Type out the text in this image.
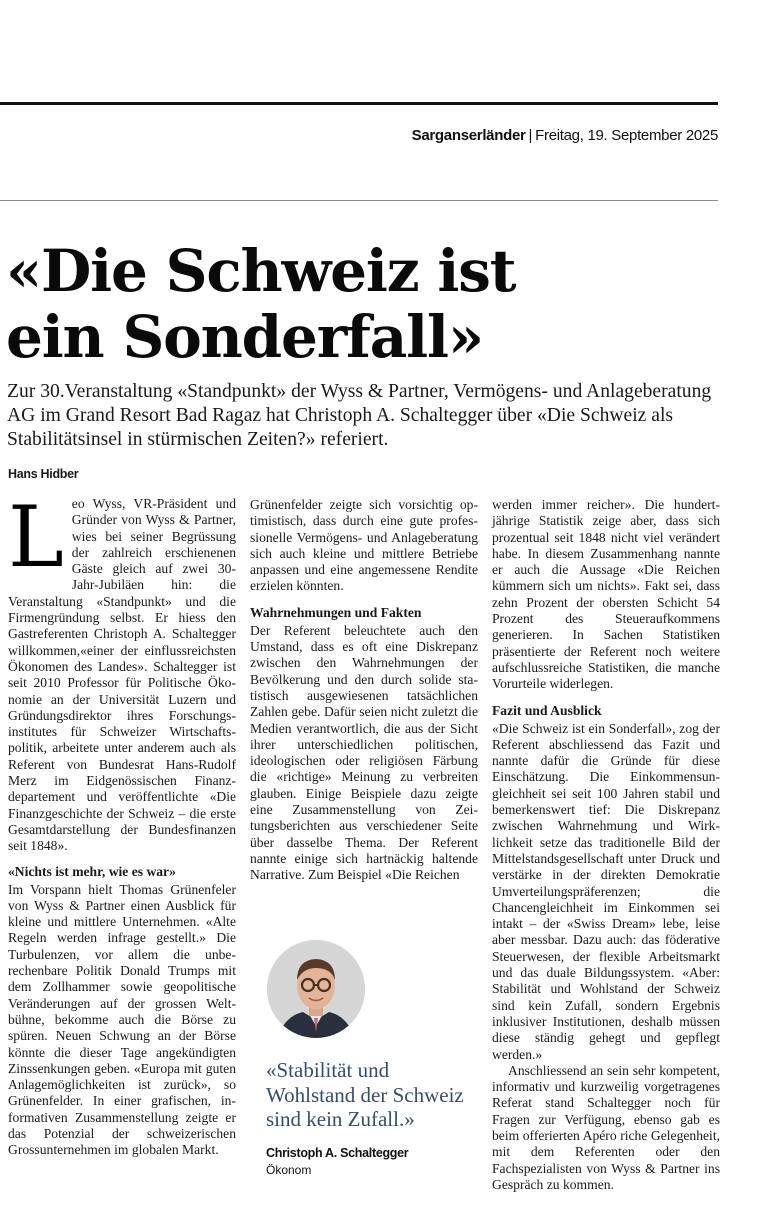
Sarganserländer | Freitag, 19. September 2025
«Die Schweiz ist
ein Sonderfall»

Zur 30.Veranstaltung «Standpunkt» der Wyss & Partner, Vermögens- und Anlageberatung AG im Grand Resort Bad Ragaz hat Christoph A. Schaltegger über «Die Schweiz als Stabilitätsinsel in stürmischen Zeiten?» referiert.

Hans Hidber

Leo Wyss, VR-Präsident und Gründer von Wyss & Partner, wies bei seiner Begrüssung der zahlreich erschienenen Gäste gleich auf zwei 30-Jahr-Jubiläen hin: die Veranstaltung «Standpunkt» und die Firmengründung selbst. Er hiess den Gastreferenten Christoph A. Schaltegger willkommen,«einer der einflussreichsten Ökonomen des Landes». Schaltegger ist seit 2010 Professor für Politische Ökonomie an der Universität Luzern und Gründungsdirektor ihres Forschungsinstitutes für Schweizer Wirtschaftspolitik, arbeitete unter anderem auch als Referent von Bundesrat Hans-Rudolf Merz im Eidgenössischen Finanzdepartement und veröffentlichte «Die Finanzgeschichte der Schweiz – die erste Gesamtdarstellung der Bundesfinanzen seit 1848».

«Nichts ist mehr, wie es war»

Im Vorspann hielt Thomas Grünenfeler von Wyss & Partner einen Ausblick für kleine und mittlere Unternehmen. «Alte Regeln werden infrage gestellt.» Die Turbulenzen, vor allem die unberechenbare Politik Donald Trumps mit dem Zollhammer sowie geopolitische Veränderungen auf der grossen Weltbühne, bekomme auch die Börse zu spüren. Neuen Schwung an der Börse könnte die dieser Tage angekündigten Zinssenkungen geben. «Europa mit guten Anlagemöglichkeiten ist zurück», so Grünenfelder. In einer grafischen, informativen Zusammenstellung zeigte er das Potenzial der schweizerischen Grossunternehmen im globalen Markt.

Grünenfelder zeigte sich vorsichtig optimistisch, dass durch eine gute professionelle Vermögens- und Anlageberatung sich auch kleine und mittlere Betriebe anpassen und eine angemessene Rendite erzielen könnten.

Wahrnehmungen und Fakten

Der Referent beleuchtete auch den Umstand, dass es oft eine Diskrepanz zwischen den Wahrnehmungen der Bevölkerung und den durch solide statistisch ausgewiesenen tatsächlichen Zahlen gebe. Dafür seien nicht zuletzt die Medien verantwortlich, die aus der Sicht ihrer unterschiedlichen politischen, ideologischen oder religiösen Färbung die «richtige» Meinung zu verbreiten glauben. Einige Beispiele dazu zeigte eine Zusammenstellung von Zeitungsberichten aus verschiedener Seite über dasselbe Thema. Der Referent nannte einige sich hartnäckig haltende Narrative. Zum Beispiel «Die Reichen

«Stabilität und Wohlstand der Schweiz sind kein Zufall.»

Christoph A. Schaltegger

Ökonom

werden immer reicher». Die hundertjährige Statistik zeige aber, dass sich prozentual seit 1848 nicht viel verändert habe. In diesem Zusammenhang nannte er auch die Aussage «Die Reichen kümmern sich um nichts». Fakt sei, dass zehn Prozent der obersten Schicht 54 Prozent des Steueraufkommens generieren. In Sachen Statistiken präsentierte der Referent noch weitere aufschlussreiche Statistiken, die manche Vorurteile widerlegen.

Fazit und Ausblick

«Die Schweiz ist ein Sonderfall», zog der Referent abschliessend das Fazit und nannte dafür die Gründe für diese Einschätzung. Die Einkommensungleichheit sei seit 100 Jahren stabil und bemerkenswert tief: Die Diskrepanz zwischen Wahrnehmung und Wirklichkeit setze das traditionelle Bild der Mittelstandsgesellschaft unter Druck und verstärke in der direkten Demokratie Umverteilungspräferenzen; die Chancengleichheit im Einkommen sei intakt – der «Swiss Dream» lebe, leise aber messbar. Dazu auch: das föderative Steuerwesen, der flexible Arbeitsmarkt und das duale Bildungssystem. «Aber: Stabilität und Wohlstand der Schweiz sind kein Zufall, sondern Ergebnis inklusiver Institutionen, deshalb müssen diese ständig gehegt und gepflegt werden.»

Anschliessend an sein sehr kompetent, informativ und kurzweilig vorgetragenes Referat stand Schaltegger noch für Fragen zur Verfügung, ebenso gab es beim offerierten Apéro riche Gelegenheit, mit dem Referenten oder den Fachspezialisten von Wyss & Partner ins Gespräch zu kommen.
